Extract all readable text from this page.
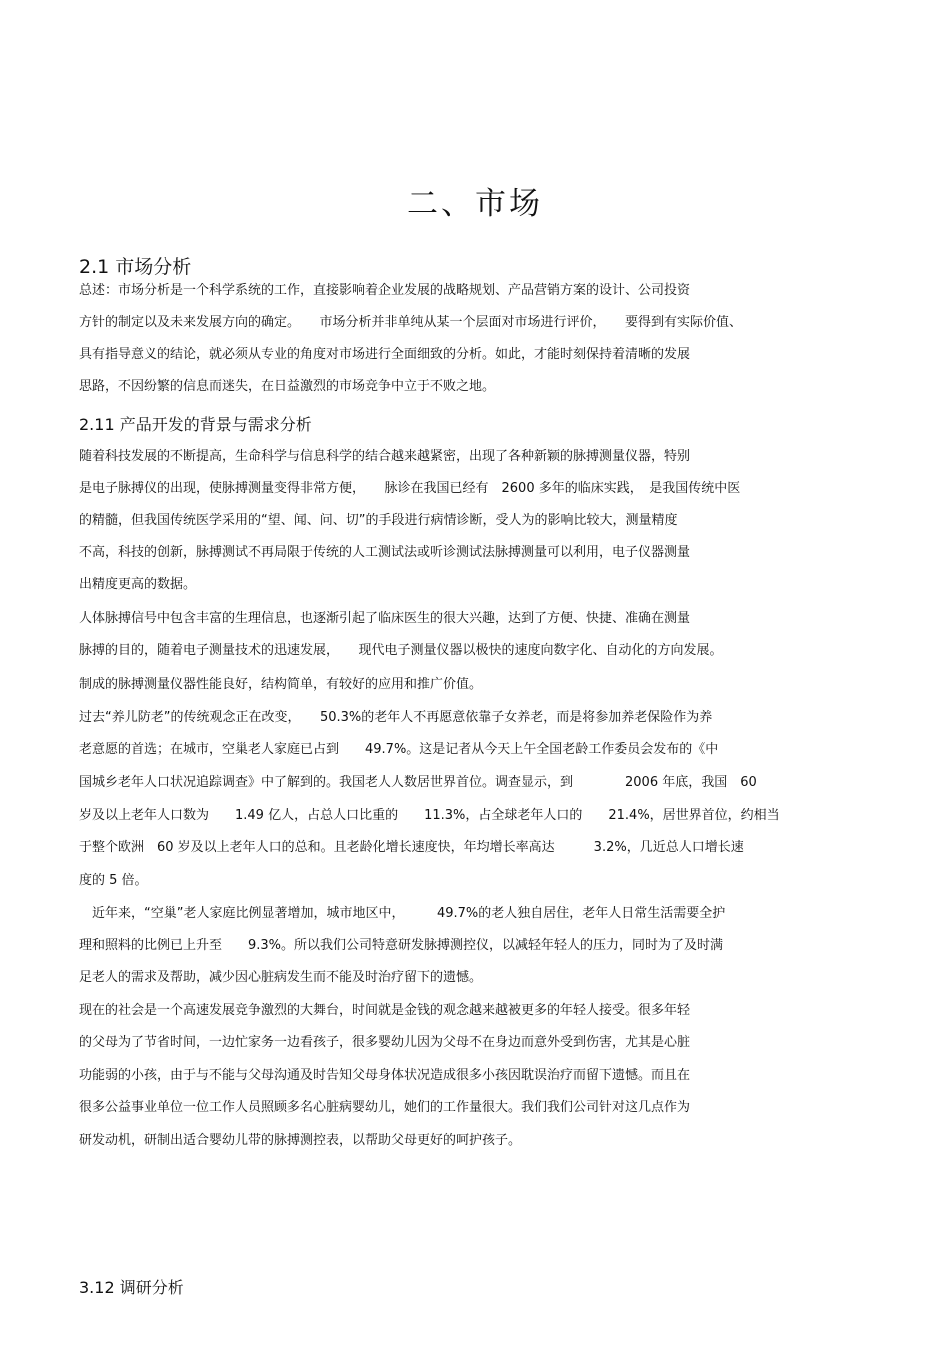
二、市场
2.1 市场分析
总述：市场分析是一个科学系统的工作，直接影响着企业发展的战略规划、产品营销方案的设计、公司投资
方针的制定以及未来发展方向的确定。　　市场分析并非单纯从某一个层面对市场进行评价，　　要得到有实际价值、
具有指导意义的结论，就必须从专业的角度对市场进行全面细致的分析。如此，才能时刻保持着清晰的发展
思路，不因纷繁的信息而迷失，在日益激烈的市场竞争中立于不败之地。
2.11 产品开发的背景与需求分析
随着科技发展的不断提高，生命科学与信息科学的结合越来越紧密，出现了各种新颖的脉搏测量仪器，特别
是电子脉搏仪的出现，使脉搏测量变得非常方便，　　脉诊在我国已经有　2600 多年的临床实践，　是我国传统中医
的精髓，但我国传统医学采用的“望、闻、问、切”的手段进行病情诊断，受人为的影响比较大，测量精度
不高，科技的创新，脉搏测试不再局限于传统的人工测试法或听诊测试法脉搏测量可以利用，电子仪器测量
出精度更高的数据。
人体脉搏信号中包含丰富的生理信息，也逐渐引起了临床医生的很大兴趣，达到了方便、快捷、准确在测量
脉搏的目的，随着电子测量技术的迅速发展，　　现代电子测量仪器以极快的速度向数字化、自动化的方向发展。
制成的脉搏测量仪器性能良好，结构简单，有较好的应用和推广价值。
过去“养儿防老”的传统观念正在改变，　　50.3%的老年人不再愿意依靠子女养老，而是将参加养老保险作为养
老意愿的首选；在城市，空巢老人家庭已占到　　49.7%。这是记者从今天上午全国老龄工作委员会发布的《中
国城乡老年人口状况追踪调查》中了解到的。我国老人人数居世界首位。调查显示，到　　　　2006 年底，我国　60
岁及以上老年人口数为　　1.49 亿人，占总人口比重的　　11.3%，占全球老年人口的　　21.4%，居世界首位，约相当
于整个欧洲　60 岁及以上老年人口的总和。且老龄化增长速度快，年均增长率高达　　　3.2%，几近总人口增长速
度的 5 倍。
　近年来，“空巢”老人家庭比例显著增加，城市地区中，　　　49.7%的老人独自居住，老年人日常生活需要全护
理和照料的比例已上升至　　9.3%。所以我们公司特意研发脉搏测控仪，以减轻年轻人的压力，同时为了及时满
足老人的需求及帮助，减少因心脏病发生而不能及时治疗留下的遗憾。
现在的社会是一个高速发展竞争激烈的大舞台，时间就是金钱的观念越来越被更多的年轻人接受。很多年轻
的父母为了节省时间，一边忙家务一边看孩子，很多婴幼儿因为父母不在身边而意外受到伤害，尤其是心脏
功能弱的小孩，由于与不能与父母沟通及时告知父母身体状况造成很多小孩因耽误治疗而留下遗憾。而且在
很多公益事业单位一位工作人员照顾多名心脏病婴幼儿，她们的工作量很大。我们我们公司针对这几点作为
研发动机，研制出适合婴幼儿带的脉搏测控表，以帮助父母更好的呵护孩子。
3.12 调研分析
